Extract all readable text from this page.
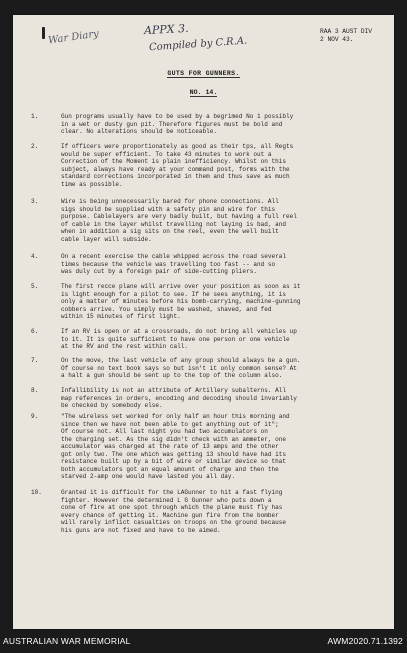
War Diary	APPX 3.
Compiled by C.R.A.
RAA 3 AUST DIV
2 NOV 43.
GUTS FOR GUNNERS.
NO. 14.
1.	Gun programs usually have to be used by a begrimed No 1 possibly
in a wet or dusty gun pit. Therefore figures must be bold and
clear. No alterations should be noticeable.
2.	If officers were proportionately as good as their tps, all Regts
would be super efficient. To take 43 minutes to work out a
Correction of the Moment is plain inefficiency. Whilst on this
subject, always have ready at your command post, forms with the
standard corrections incorporated in them and thus save as much
time as possible.
3.	Wire is being unnecessarily bared for phone connections. All
sigs should be supplied with a safety pin and wire for this
purpose. Cablelayers are very badly built, but having a full reel
of cable in the layer whilst travelling not laying is bad, and
when in addition a sig sits on the reel, even the well built
cable layer will subside.
4.	On a recent exercise the cable whipped across the road several
times because the vehicle was travelling too fast -- and so
was duly cut by a foreign pair of side-cutting pliers.
5.	The first recce plane will arrive over your position as soon as it
is light enough for a pilot to see. If he sees anything, it is
only a matter of minutes before his bomb-carrying, machine-gunning
cobbers arrive. You simply must be washed, shaved, and fed
within 15 minutes of first light.
6.	If an RV is open or at a crossroads, do not bring all vehicles up
to it. It is quite sufficient to have one person or one vehicle
at the RV and the rest within call.
7.	On the move, the last vehicle of any group should always be a gun.
Of course no text book says so but isn't it only common sense? At
a halt a gun should be sent up to the top of the column also.
8.	Infallibility is not an attribute of Artillery subalterns. All
map references in orders, encoding and decoding should invariably
be checked by somebody else.
9.	"The wireless set worked for only half an hour this morning and
since then we have not been able to get anything out of it";
Of course not. All last night you had two accumulators on
the charging set. As the sig didn't check with an ammeter, one
accumulator was charged at the rate of 13 amps and the other
got only two. The one which was getting 13 should have had its
resistance built up by a bit of wire or similar device so that
both accumulators got an equal amount of charge and then the
starved 2-amp one would have lasted you all day.
10.	Granted it is difficult for the LAGunner to hit a fast flying
fighter. However the determined L G Gunner who puts down a
cone of fire at one spot through which the plane must fly has
every chance of getting it. Machine gun fire from the bomber
will rarely inflict casualties on troops on the ground because
his guns are not fixed and have to be aimed.
AUSTRALIAN WAR MEMORIAL	AWM2020.71.1392
